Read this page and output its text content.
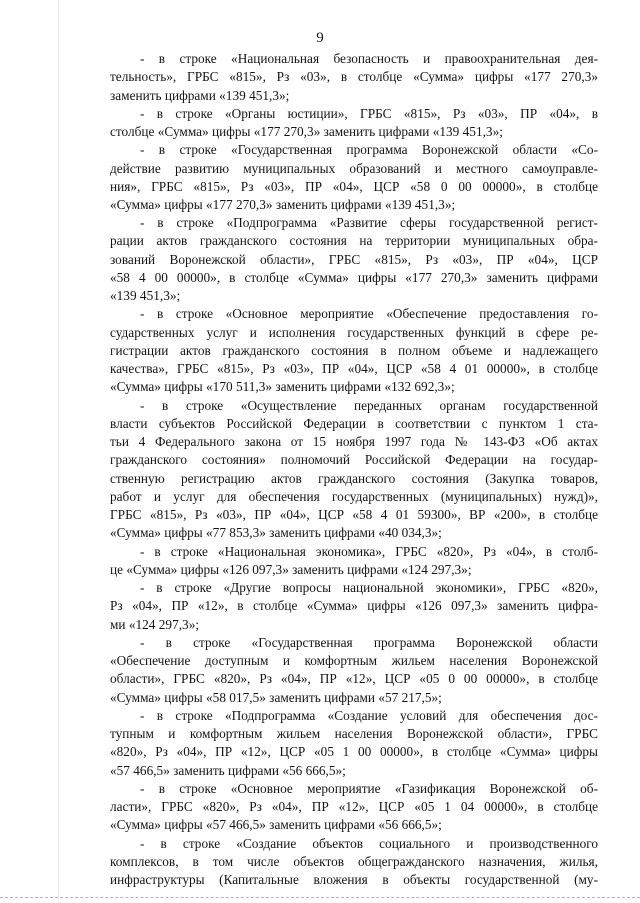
9
- в строке «Национальная безопасность и правоохранительная дея-
тельность», ГРБС «815», Рз «03», в столбце «Сумма» цифры «177 270,3»
заменить цифрами «139 451,3»;
- в строке «Органы юстиции», ГРБС «815», Рз «03», ПР «04», в
столбце «Сумма» цифры «177 270,3» заменить цифрами «139 451,3»;
- в строке «Государственная программа Воронежской области «Со-
действие развитию муниципальных образований и местного самоуправле-
ния», ГРБС «815», Рз «03», ПР «04», ЦСР «58 0 00 00000», в столбце
«Сумма» цифры «177 270,3» заменить цифрами «139 451,3»;
- в строке «Подпрограмма «Развитие сферы государственной регист-
рации актов гражданского состояния на территории муниципальных обра-
зований Воронежской области», ГРБС «815», Рз «03», ПР «04», ЦСР
«58 4 00 00000», в столбце «Сумма» цифры «177 270,3» заменить цифрами
«139 451,3»;
- в строке «Основное мероприятие «Обеспечение предоставления го-
сударственных услуг и исполнения государственных функций в сфере ре-
гистрации актов гражданского состояния в полном объеме и надлежащего
качества», ГРБС «815», Рз «03», ПР «04», ЦСР «58 4 01 00000», в столбце
«Сумма» цифры «170 511,3» заменить цифрами «132 692,3»;
- в строке «Осуществление переданных органам государственной
власти субъектов Российской Федерации в соответствии с пунктом 1 ста-
тьи 4 Федерального закона от 15 ноября 1997 года № 143-ФЗ «Об актах
гражданского состояния» полномочий Российской Федерации на государ-
ственную регистрацию актов гражданского состояния (Закупка товаров,
работ и услуг для обеспечения государственных (муниципальных) нужд)»,
ГРБС «815», Рз «03», ПР «04», ЦСР «58 4 01 59300», ВР «200», в столбце
«Сумма» цифры «77 853,3» заменить цифрами «40 034,3»;
- в строке «Национальная экономика», ГРБС «820», Рз «04», в столб-
це «Сумма» цифры «126 097,3» заменить цифрами «124 297,3»;
- в строке «Другие вопросы национальной экономики», ГРБС «820»,
Рз «04», ПР «12», в столбце «Сумма» цифры «126 097,3» заменить цифра-
ми «124 297,3»;
- в строке «Государственная программа Воронежской области
«Обеспечение доступным и комфортным жильем населения Воронежской
области», ГРБС «820», Рз «04», ПР «12», ЦСР «05 0 00 00000», в столбце
«Сумма» цифры «58 017,5» заменить цифрами «57 217,5»;
- в строке «Подпрограмма «Создание условий для обеспечения дос-
тупным и комфортным жильем населения Воронежской области», ГРБС
«820», Рз «04», ПР «12», ЦСР «05 1 00 00000», в столбце «Сумма» цифры
«57 466,5» заменить цифрами «56 666,5»;
- в строке «Основное мероприятие «Газификация Воронежской об-
ласти», ГРБС «820», Рз «04», ПР «12», ЦСР «05 1 04 00000», в столбце
«Сумма» цифры «57 466,5» заменить цифрами «56 666,5»;
- в строке «Создание объектов социального и производственного
комплексов, в том числе объектов общегражданского назначения, жилья,
инфраструктуры (Капитальные вложения в объекты государственной (му-
